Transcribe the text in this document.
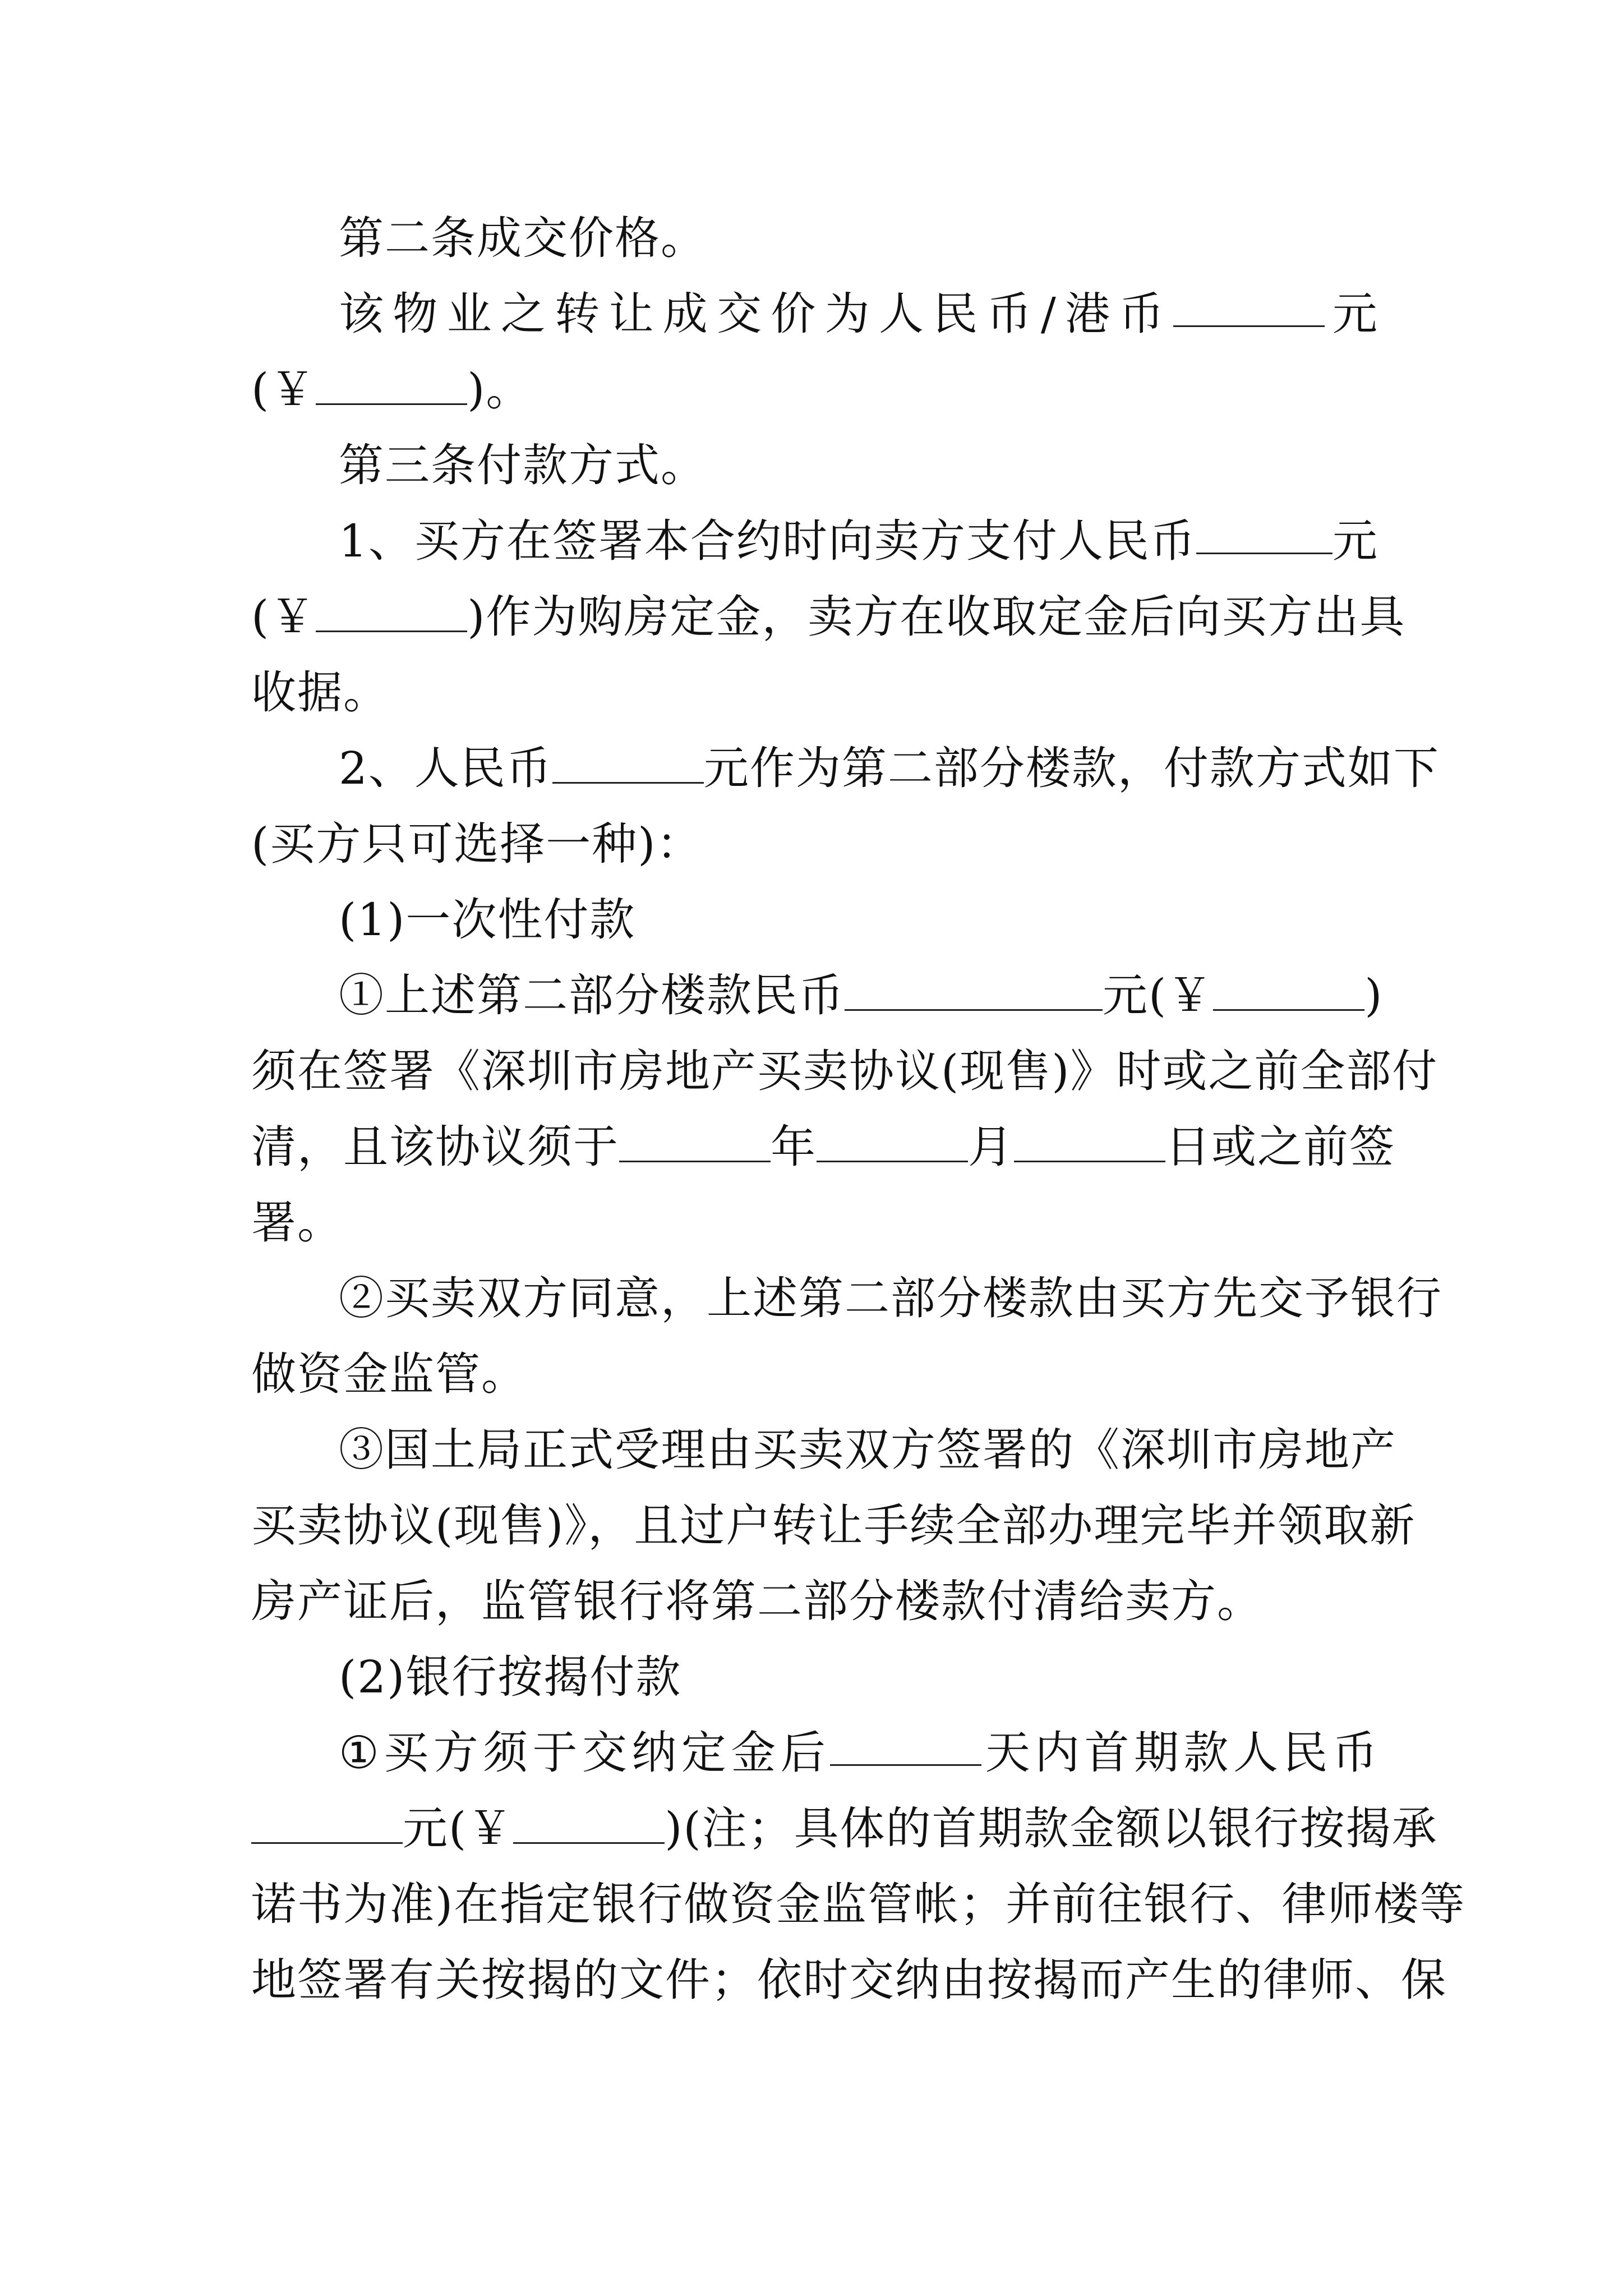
第二条成交价格。
该 物 业 之 转 让 成 交 价 为 人 民 币 / 港 币	元
(￥	)。
第三条付款方式。
1、 买 方 在 签 署 本 合 约 时 向 卖 方 支 付 人 民 币	元
(￥	)作为购房定金，卖方在收取定金后向买方出具
收据。
2、人民币	元作为第二部分楼款，付款方式如下
(买方只可选择一种)：
(1)一次性付款
①上述第二部分楼款民币	元(￥	)
须在签署《深圳市房地产买卖协议(现售)》时或之前全部付
清，且该协议须于	年	月	日或之前签
署。
②买卖双方同意，上述第二部分楼款由买方先交予银行
做资金监管。
③国土局正式受理由买卖双方签署的《深圳市房地产
买卖协议(现售)》，且过户转让手续全部办理完毕并领取新
房产证后，监管银行将第二部分楼款付清给卖方。
(2)银行按揭付款
① 买 方 须 于 交 纳 定 金 后	天 内 首 期 款 人 民 币
元(￥	)(注；具体的首期款金额以银行按揭承
诺书为准)在指定银行做资金监管帐；并前往银行、律师楼等
地签署有关按揭的文件；依时交纳由按揭而产生的律师、保
